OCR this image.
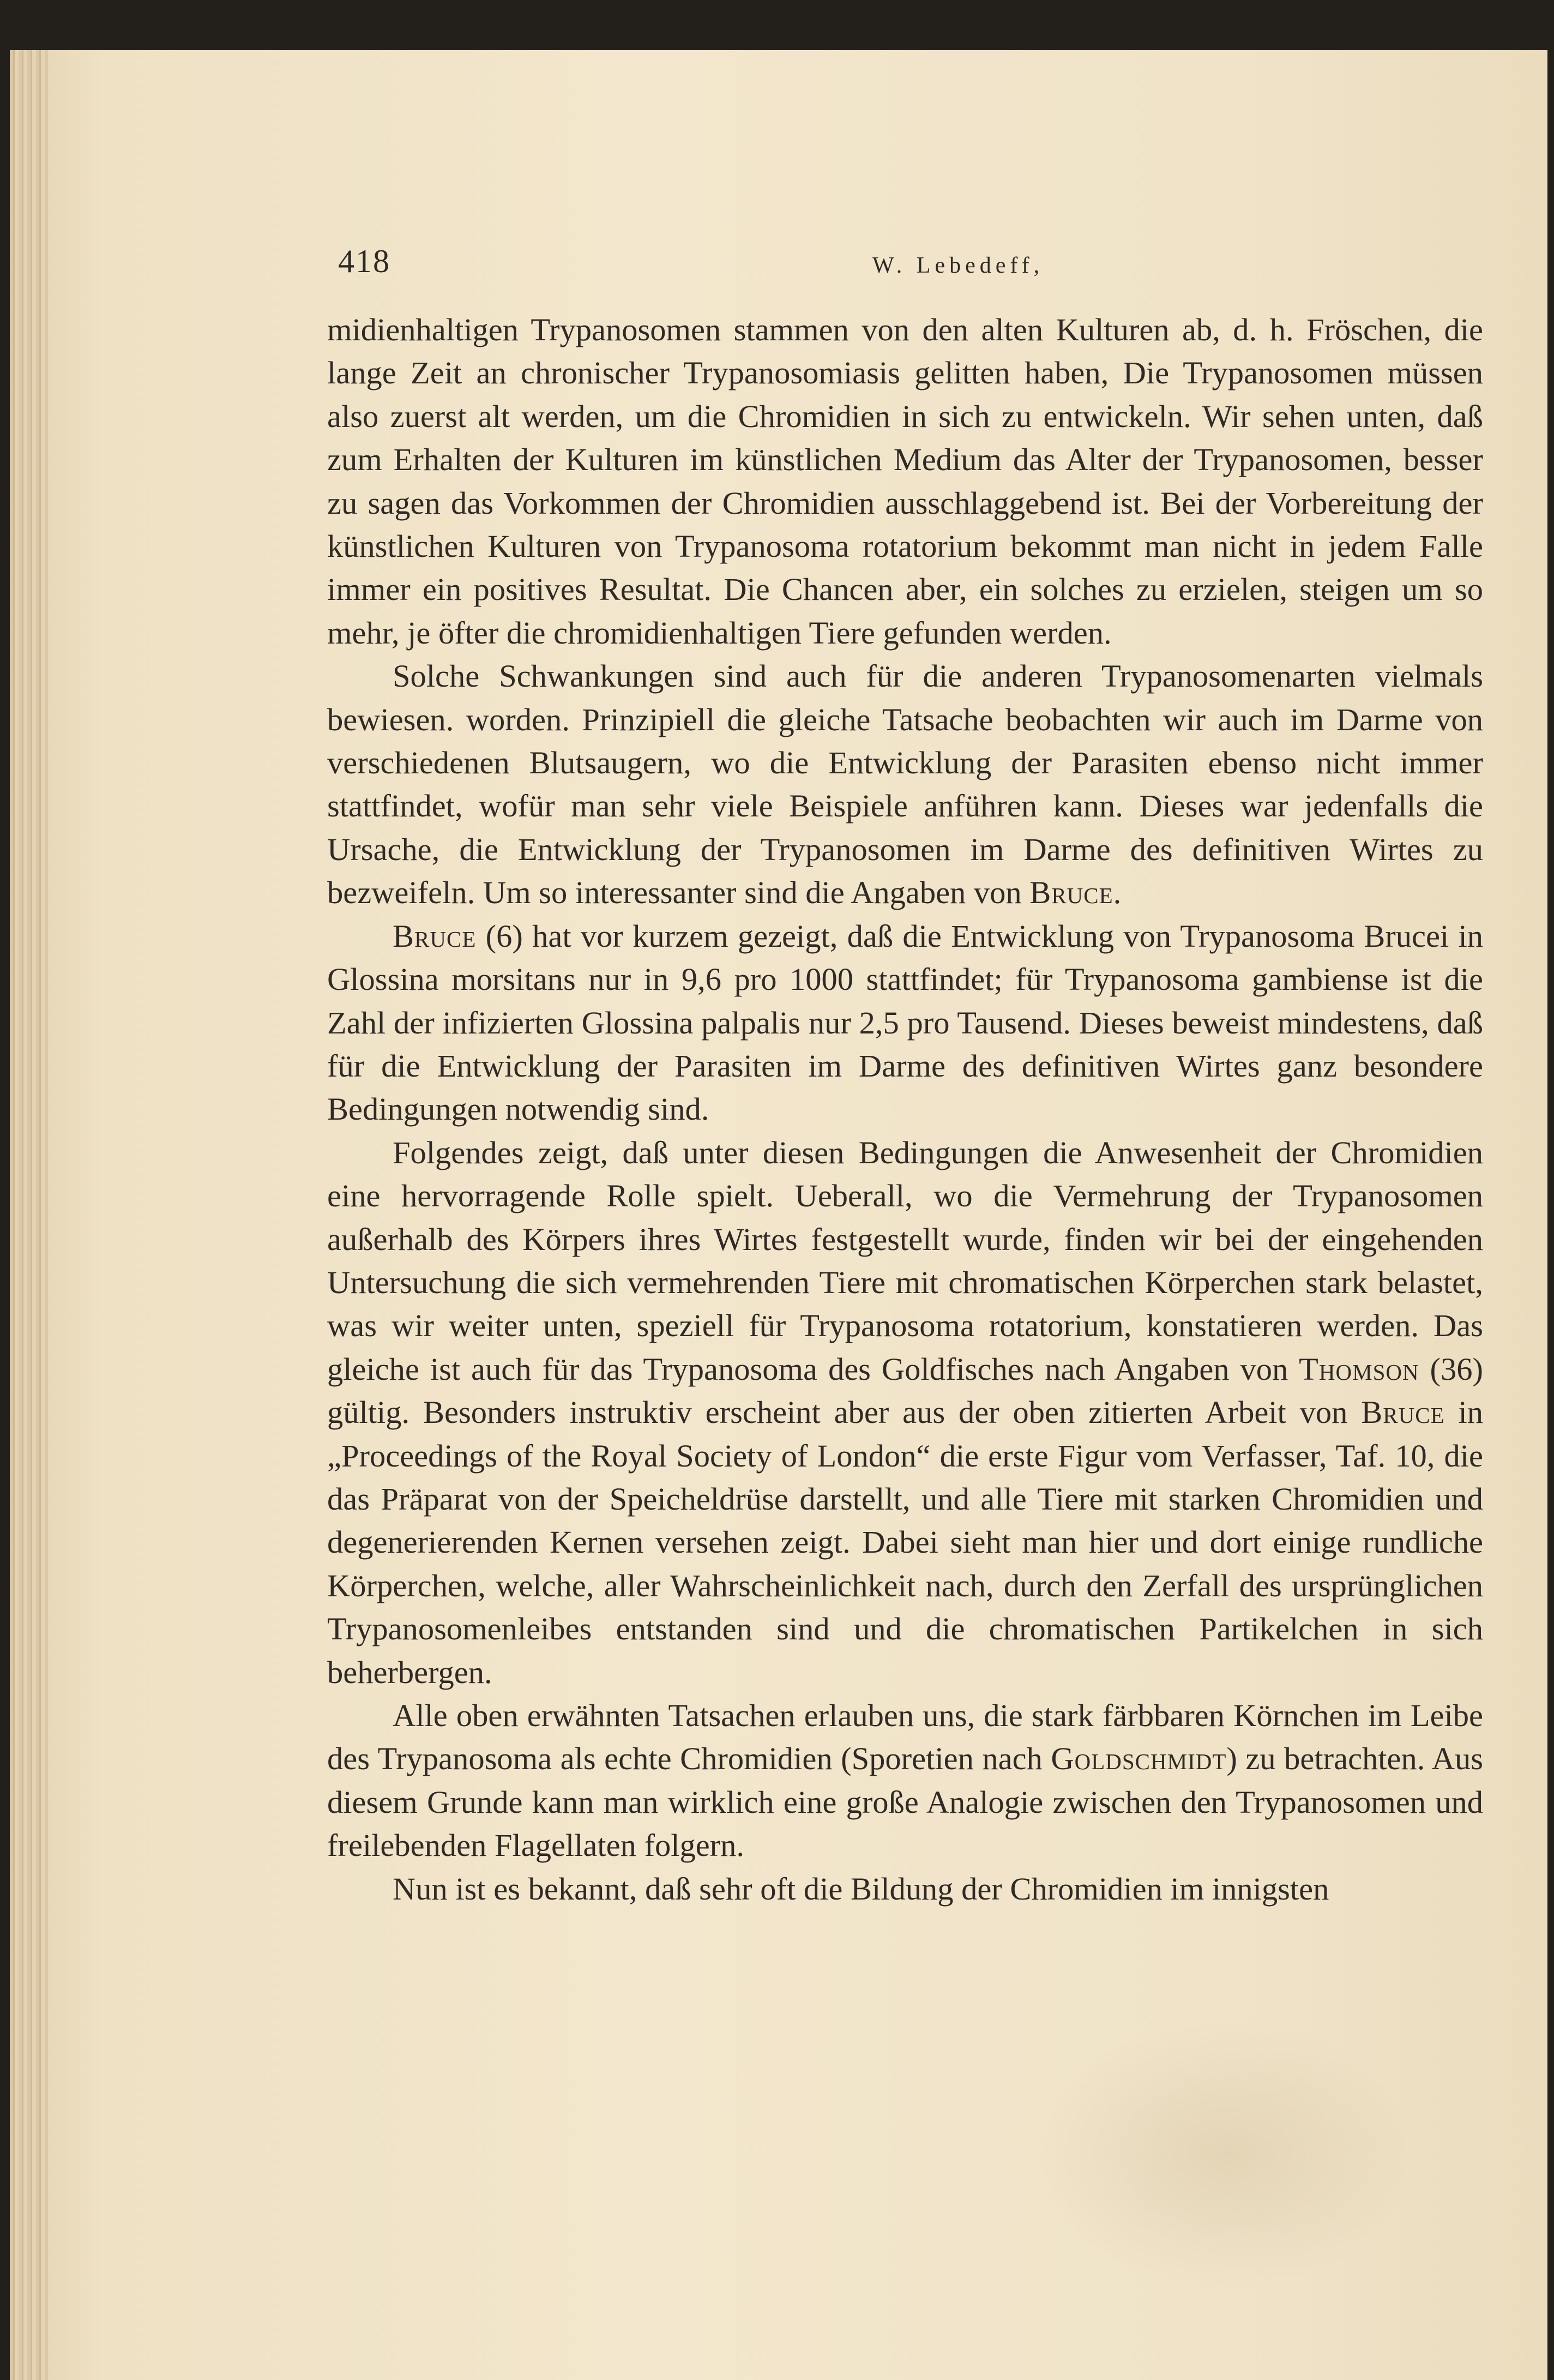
418	W. Lebedeff,

midienhaltigen Trypanosomen stammen von den alten Kulturen ab, d. h. Fröschen, die lange Zeit an chronischer Trypanosomiasis gelitten haben, Die Trypanosomen müssen also zuerst alt werden, um die Chromidien in sich zu entwickeln. Wir sehen unten, daß zum Erhalten der Kulturen im künstlichen Medium das Alter der Trypanosomen, besser zu sagen das Vorkommen der Chromidien ausschlaggebend ist. Bei der Vorbereitung der künstlichen Kulturen von Trypanosoma rotatorium bekommt man nicht in jedem Falle immer ein positives Resultat. Die Chancen aber, ein solches zu erzielen, steigen um so mehr, je öfter die chromidienhaltigen Tiere gefunden werden.

Solche Schwankungen sind auch für die anderen Trypanosomenarten vielmals bewiesen. worden. Prinzipiell die gleiche Tatsache beobachten wir auch im Darme von verschiedenen Blutsaugern, wo die Entwicklung der Parasiten ebenso nicht immer stattfindet, wofür man sehr viele Beispiele anführen kann. Dieses war jedenfalls die Ursache, die Entwicklung der Trypanosomen im Darme des definitiven Wirtes zu bezweifeln. Um so interessanter sind die Angaben von Bruce.

Bruce (6) hat vor kurzem gezeigt, daß die Entwicklung von Trypanosoma Brucei in Glossina morsitans nur in 9,6 pro 1000 stattfindet; für Trypanosoma gambiense ist die Zahl der infizierten Glossina palpalis nur 2,5 pro Tausend. Dieses beweist mindestens, daß für die Entwicklung der Parasiten im Darme des definitiven Wirtes ganz besondere Bedingungen notwendig sind.

Folgendes zeigt, daß unter diesen Bedingungen die Anwesenheit der Chromidien eine hervorragende Rolle spielt. Ueberall, wo die Vermehrung der Trypanosomen außerhalb des Körpers ihres Wirtes festgestellt wurde, finden wir bei der eingehenden Untersuchung die sich vermehrenden Tiere mit chromatischen Körperchen stark belastet, was wir weiter unten, speziell für Trypanosoma rotatorium, konstatieren werden. Das gleiche ist auch für das Trypanosoma des Goldfisches nach Angaben von Thomson (36) gültig. Besonders instruktiv erscheint aber aus der oben zitierten Arbeit von Bruce in „Proceedings of the Royal Society of London“ die erste Figur vom Verfasser, Taf. 10, die das Präparat von der Speicheldrüse darstellt, und alle Tiere mit starken Chromidien und degenerierenden Kernen versehen zeigt. Dabei sieht man hier und dort einige rundliche Körperchen, welche, aller Wahrscheinlichkeit nach, durch den Zerfall des ursprünglichen Trypanosomenleibes entstanden sind und die chromatischen Partikelchen in sich beherbergen.

Alle oben erwähnten Tatsachen erlauben uns, die stark färbbaren Körnchen im Leibe des Trypanosoma als echte Chromidien (Sporetien nach Goldschmidt) zu betrachten. Aus diesem Grunde kann man wirklich eine große Analogie zwischen den Trypanosomen und freilebenden Flagellaten folgern.

Nun ist es bekannt, daß sehr oft die Bildung der Chromidien im innigsten
